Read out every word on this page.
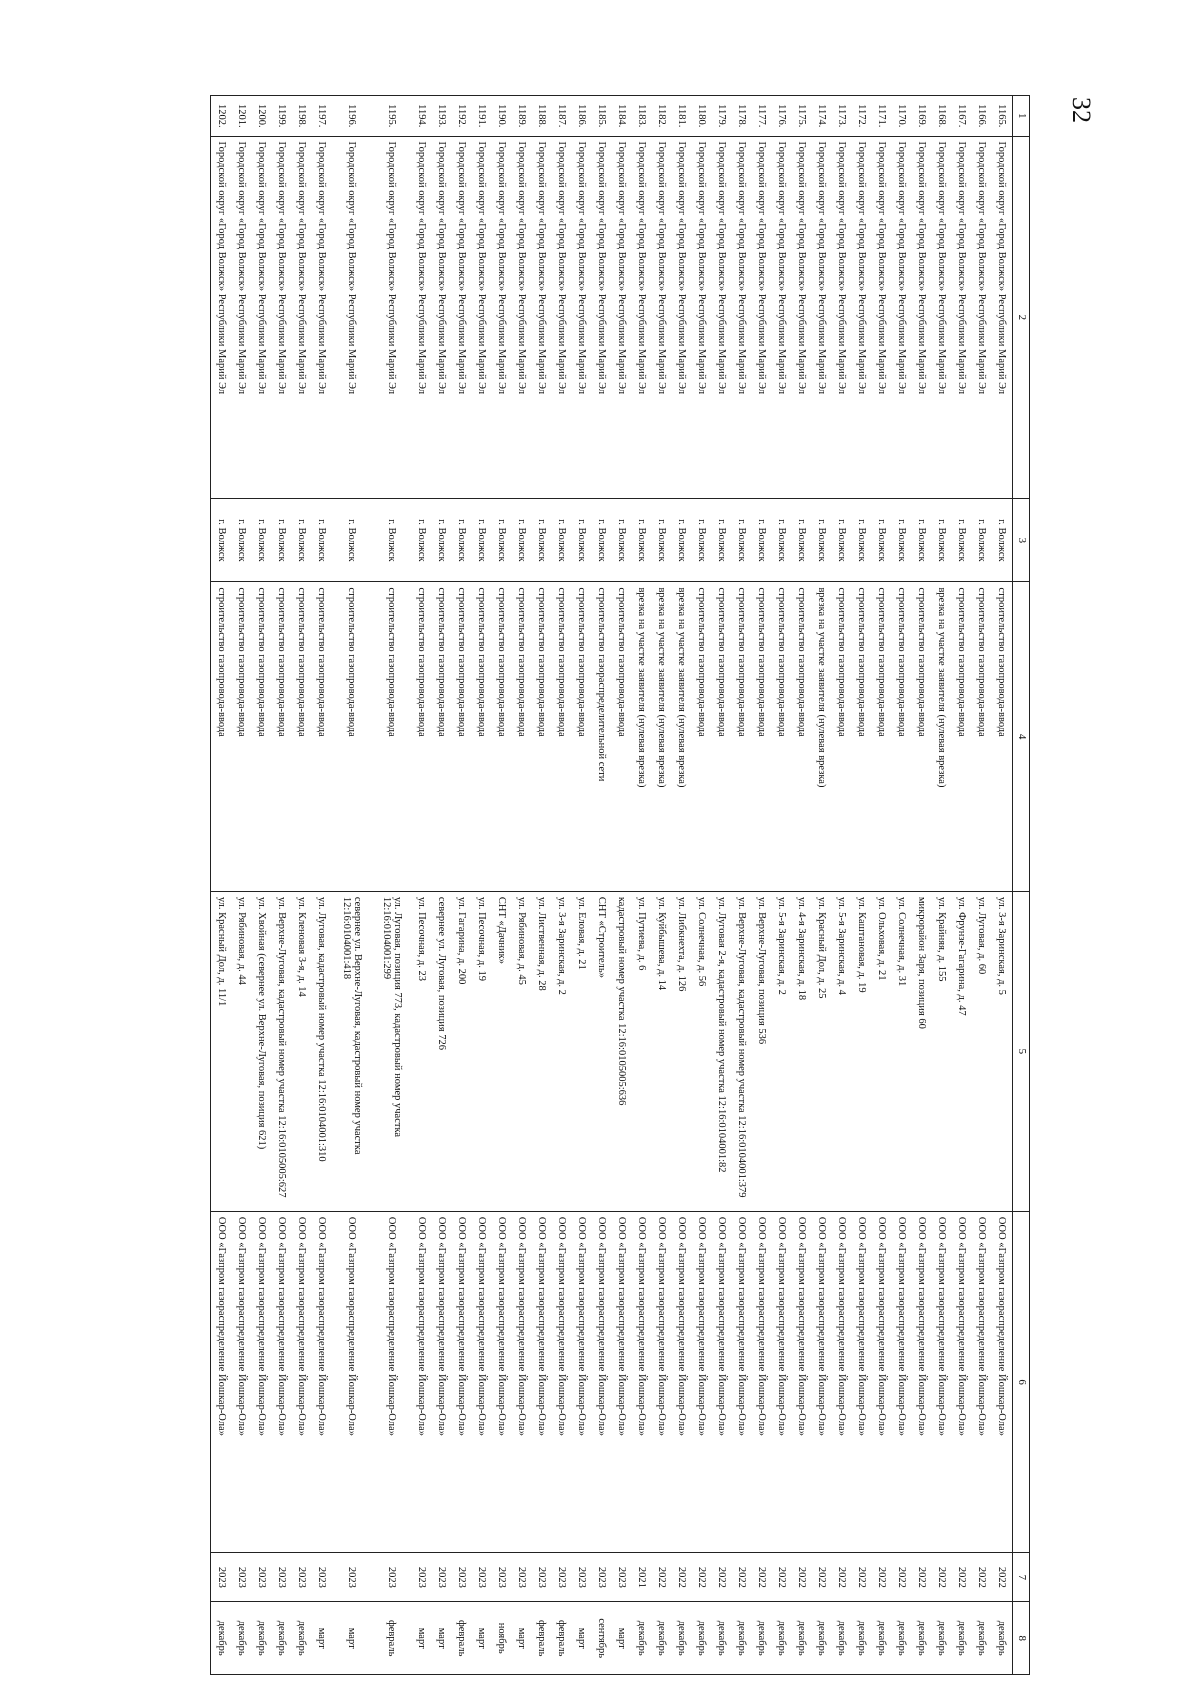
32
1	2	3	4	5	6	7	8
1165.	Городской округ «Город Волжск» Республики Марий Эл	г. Волжск	строительство газопровода-ввода	ул. 3-я Заринская, д. 5	ООО «Газпром газораспределение Йошкар-Ола»	2022	декабрь
1166.	Городской округ «Город Волжск» Республики Марий Эл	г. Волжск	строительство газопровода-ввода	ул. Луговая, д. 60	ООО «Газпром газораспределение Йошкар-Ола»	2022	декабрь
1167.	Городской округ «Город Волжск» Республики Марий Эл	г. Волжск	строительство газопровода-ввода	ул. Фрунзе-Гагарина, д. 47	ООО «Газпром газораспределение Йошкар-Ола»	2022	декабрь
1168.	Городской округ «Город Волжск» Республики Марий Эл	г. Волжск	врезка на участке заявителя (нулевая врезка)	ул. Крайняя, д. 155	ООО «Газпром газораспределение Йошкар-Ола»	2022	декабрь
1169.	Городской округ «Город Волжск» Республики Марий Эл	г. Волжск	строительство газопровода-ввода	микрорайон Заря, позиция 60	ООО «Газпром газораспределение Йошкар-Ола»	2022	декабрь
1170.	Городской округ «Город Волжск» Республики Марий Эл	г. Волжск	строительство газопровода-ввода	ул. Солнечная, д. 31	ООО «Газпром газораспределение Йошкар-Ола»	2022	декабрь
1171.	Городской округ «Город Волжск» Республики Марий Эл	г. Волжск	строительство газопровода-ввода	ул. Ольховая, д. 21	ООО «Газпром газораспределение Йошкар-Ола»	2022	декабрь
1172.	Городской округ «Город Волжск» Республики Марий Эл	г. Волжск	строительство газопровода-ввода	ул. Каштановая, д. 19	ООО «Газпром газораспределение Йошкар-Ола»	2022	декабрь
1173.	Городской округ «Город Волжск» Республики Марий Эл	г. Волжск	строительство газопровода-ввода	ул. 5-я Заринская, д. 4	ООО «Газпром газораспределение Йошкар-Ола»	2022	декабрь
1174.	Городской округ «Город Волжск» Республики Марий Эл	г. Волжск	врезка на участке заявителя (нулевая врезка)	ул. Красный Дол, д. 25	ООО «Газпром газораспределение Йошкар-Ола»	2022	декабрь
1175.	Городской округ «Город Волжск» Республики Марий Эл	г. Волжск	строительство газопровода-ввода	ул. 4-я Заринская, д. 18	ООО «Газпром газораспределение Йошкар-Ола»	2022	декабрь
1176.	Городской округ «Город Волжск» Республики Марий Эл	г. Волжск	строительство газопровода-ввода	ул. 5-я Заринская, д. 2	ООО «Газпром газораспределение Йошкар-Ола»	2022	декабрь
1177.	Городской округ «Город Волжск» Республики Марий Эл	г. Волжск	строительство газопровода-ввода	ул. Верхне-Луговая, позиция 536	ООО «Газпром газораспределение Йошкар-Ола»	2022	декабрь
1178.	Городской округ «Город Волжск» Республики Марий Эл	г. Волжск	строительство газопровода-ввода	ул. Верхне-Луговая, кадастровый номер участка 12:16:0104001:379	ООО «Газпром газораспределение Йошкар-Ола»	2022	декабрь
1179.	Городской округ «Город Волжск» Республики Марий Эл	г. Волжск	строительство газопровода-ввода	ул. Луговая 2-я, кадастровый номер участка 12:16:0104001:82	ООО «Газпром газораспределение Йошкар-Ола»	2022	декабрь
1180.	Городской округ «Город Волжск» Республики Марий Эл	г. Волжск	строительство газопровода-ввода	ул. Солнечная, д. 56	ООО «Газпром газораспределение Йошкар-Ола»	2022	декабрь
1181.	Городской округ «Город Волжск» Республики Марий Эл	г. Волжск	врезка на участке заявителя (нулевая врезка)	ул. Либкнехта, д. 126	ООО «Газпром газораспределение Йошкар-Ола»	2022	декабрь
1182.	Городской округ «Город Волжск» Республики Марий Эл	г. Волжск	врезка на участке заявителя (нулевая врезка)	ул. Куйбышева, д. 14	ООО «Газпром газораспределение Йошкар-Ола»	2022	декабрь
1183.	Городской округ «Город Волжск» Республики Марий Эл	г. Волжск	врезка на участке заявителя (нулевая врезка)	ул. Путиева, д. 6	ООО «Газпром газораспределение Йошкар-Ола»	2021	декабрь
1184.	Городской округ «Город Волжск» Республики Марий Эл	г. Волжск	строительство газопровода-ввода	кадастровый номер участка 12:16:0105005:636	ООО «Газпром газораспределение Йошкар-Ола»	2023	март
1185.	Городской округ «Город Волжск» Республики Марий Эл	г. Волжск	строительство газораспределительной сети	СНТ «Строитель»	ООО «Газпром газораспределение Йошкар-Ола»	2023	сентябрь
1186.	Городской округ «Город Волжск» Республики Марий Эл	г. Волжск	строительство газопровода-ввода	ул. Еловая, д. 21	ООО «Газпром газораспределение Йошкар-Ола»	2023	март
1187.	Городской округ «Город Волжск» Республики Марий Эл	г. Волжск	строительство газопровода-ввода	ул. 3-я Заринская, д. 2	ООО «Газпром газораспределение Йошкар-Ола»	2023	февраль
1188.	Городской округ «Город Волжск» Республики Марий Эл	г. Волжск	строительство газопровода-ввода	ул. Лиственная, д. 28	ООО «Газпром газораспределение Йошкар-Ола»	2023	февраль
1189.	Городской округ «Город Волжск» Республики Марий Эл	г. Волжск	строительство газопровода-ввода	ул. Рябиновая, д. 45	ООО «Газпром газораспределение Йошкар-Ола»	2023	март
1190.	Городской округ «Город Волжск» Республики Марий Эл	г. Волжск	строительство газопровода-ввода	СНТ «Дачник»	ООО «Газпром газораспределение Йошкар-Ола»	2023	ноябрь
1191.	Городской округ «Город Волжск» Республики Марий Эл	г. Волжск	строительство газопровода-ввода	ул. Песочная, д. 19	ООО «Газпром газораспределение Йошкар-Ола»	2023	март
1192.	Городской округ «Город Волжск» Республики Марий Эл	г. Волжск	строительство газопровода-ввода	ул. Гагарина, д. 200	ООО «Газпром газораспределение Йошкар-Ола»	2023	февраль
1193.	Городской округ «Город Волжск» Республики Марий Эл	г. Волжск	строительство газопровода-ввода	севернее ул. Луговая, позиция 726	ООО «Газпром газораспределение Йошкар-Ола»	2023	март
1194.	Городской округ «Город Волжск» Республики Марий Эл	г. Волжск	строительство газопровода-ввода	ул. Песочная, д. 23	ООО «Газпром газораспределение Йошкар-Ола»	2023	март
1195.	Городской округ «Город Волжск» Республики Марий Эл	г. Волжск	строительство газопровода-ввода	ул. Луговая, позиция 773, кадастровый номер участка 12:16:0104001:299	ООО «Газпром газораспределение Йошкар-Ола»	2023	февраль
1196.	Городской округ «Город Волжск» Республики Марий Эл	г. Волжск	строительство газопровода-ввода	севернее ул. Верхне-Луговая, кадастровый номер участка 12:16:0104001:418	ООО «Газпром газораспределение Йошкар-Ола»	2023	март
1197.	Городской округ «Город Волжск» Республики Марий Эл	г. Волжск	строительство газопровода-ввода	ул. Луговая, кадастровый номер участка 12:16:0104001:310	ООО «Газпром газораспределение Йошкар-Ола»	2023	март
1198.	Городской округ «Город Волжск» Республики Марий Эл	г. Волжск	строительство газопровода-ввода	ул. Кленовая 3-я, д. 14	ООО «Газпром газораспределение Йошкар-Ола»	2023	декабрь
1199.	Городской округ «Город Волжск» Республики Марий Эл	г. Волжск	строительство газопровода-ввода	ул. Верхне-Луговая, кадастровый номер участка 12:16:0105005:627	ООО «Газпром газораспределение Йошкар-Ола»	2023	декабрь
1200.	Городской округ «Город Волжск» Республики Марий Эл	г. Волжск	строительство газопровода-ввода	ул. Хвойная (севернее ул. Верхне-Луговая, позиция 621)	ООО «Газпром газораспределение Йошкар-Ола»	2023	декабрь
1201.	Городской округ «Город Волжск» Республики Марий Эл	г. Волжск	строительство газопровода-ввода	ул. Рябиновая, д. 44	ООО «Газпром газораспределение Йошкар-Ола»	2023	декабрь
1202.	Городской округ «Город Волжск» Республики Марий Эл	г. Волжск	строительство газопровода-ввода	ул. Красный Дол, д. 11/1	ООО «Газпром газораспределение Йошкар-Ола»	2023	декабрь
